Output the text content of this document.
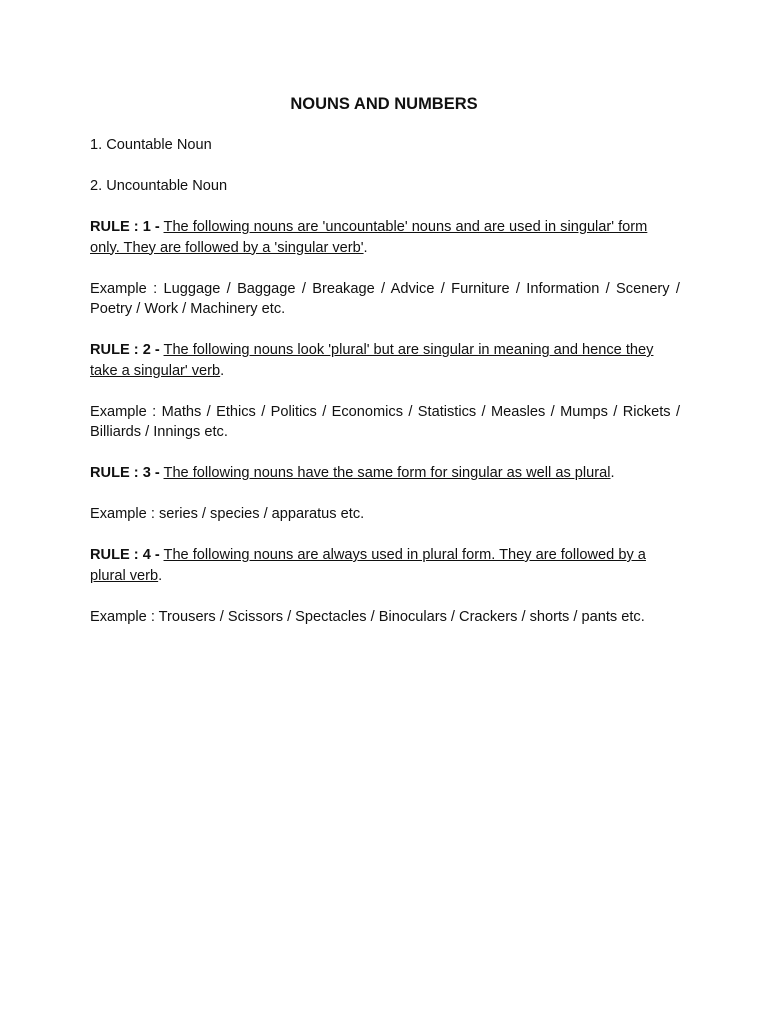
NOUNS AND NUMBERS
1. Countable Noun
2. Uncountable Noun
RULE : 1 - The following nouns are 'uncountable' nouns and are used in singular' form only. They are followed by a 'singular verb'.
Example : Luggage / Baggage / Breakage / Advice / Furniture / Information / Scenery / Poetry / Work / Machinery etc.
RULE : 2 - The following nouns look 'plural' but are singular in meaning and hence they take a singular' verb.
Example : Maths / Ethics / Politics / Economics / Statistics / Measles / Mumps / Rickets / Billiards / Innings etc.
RULE : 3 - The following nouns have the same form for singular as well as plural.
Example : series / species / apparatus etc.
RULE : 4 - The following nouns are always used in plural form. They are followed by a plural verb.
Example : Trousers / Scissors / Spectacles / Binoculars / Crackers / shorts / pants etc.
